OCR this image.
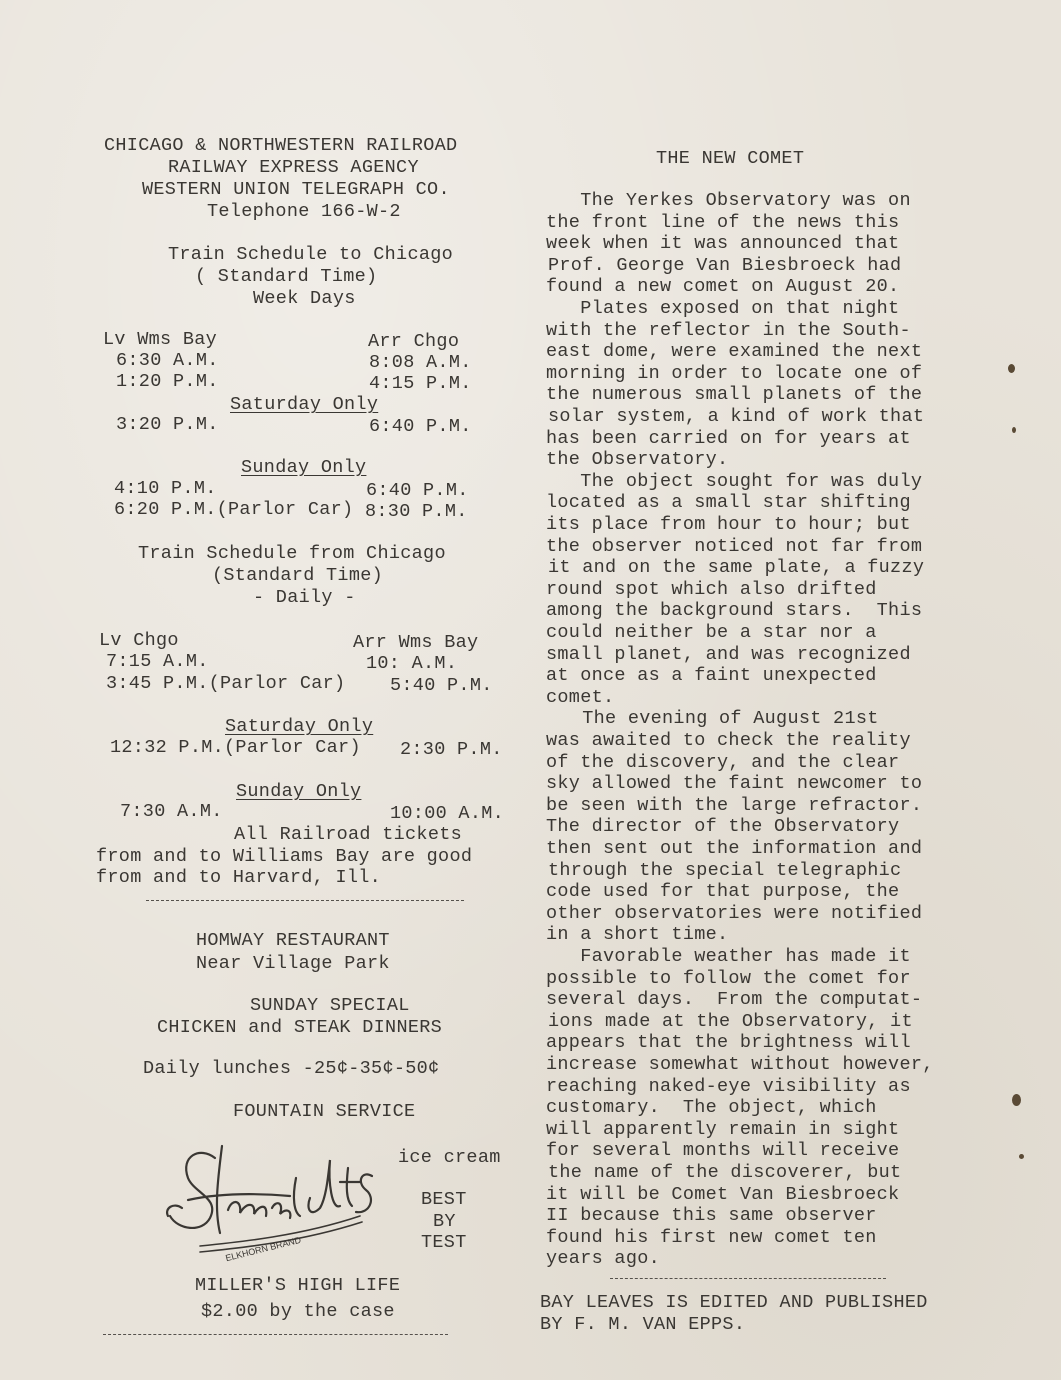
CHICAGO & NORTHWESTERN RAILROAD
RAILWAY EXPRESS AGENCY
WESTERN UNION TELEGRAPH CO.
Telephone 166-W-2
Train Schedule to Chicago
( Standard Time)
Week Days
Lv Wms Bay	Arr Chgo
6:30 A.M.	8:08 A.M.
1:20 P.M.	4:15 P.M.
Saturday Only
3:20 P.M.	6:40 P.M.
Sunday Only
4:10 P.M.	6:40 P.M.
6:20 P.M.(Parlor Car) 8:30 P.M.
Train Schedule from Chicago
(Standard Time)
- Daily -
Lv Chgo	Arr Wms Bay
7:15 A.M.	10: A.M.
3:45 P.M.(Parlor Car) 5:40 P.M.
Saturday Only
12:32 P.M.(Parlor Car) 2:30 P.M.
Sunday Only
7:30 A.M.	10:00 A.M.
All Railroad tickets
from and to Williams Bay are good
from and to Harvard, Ill.
HOMWAY RESTAURANT
Near Village Park
SUNDAY SPECIAL
CHICKEN and STEAK DINNERS
Daily lunches -25¢-35¢-50¢
FOUNTAIN SERVICE
ELKHORN BRAND
Schmidts
ice cream
BEST
BY
TEST
MILLER'S HIGH LIFE
$2.00 by the case
THE NEW COMET
The Yerkes Observatory was on
the front line of the news this
week when it was announced that
Prof. George Van Biesbroeck had
found a new comet on August 20.
Plates exposed on that night
with the reflector in the South-
east dome, were examined the next
morning in order to locate one of
the numerous small planets of the
solar system, a kind of work that
has been carried on for years at
the Observatory.
The object sought for was duly
located as a small star shifting
its place from hour to hour; but
the observer noticed not far from
it and on the same plate, a fuzzy
round spot which also drifted
among the background stars.  This
could neither be a star nor a
small planet, and was recognized
at once as a faint unexpected
comet.
The evening of August 21st
was awaited to check the reality
of the discovery, and the clear
sky allowed the faint newcomer to
be seen with the large refractor.
The director of the Observatory
then sent out the information and
through the special telegraphic
code used for that purpose, the
other observatories were notified
in a short time.
Favorable weather has made it
possible to follow the comet for
several days.  From the computat-
ions made at the Observatory, it
appears that the brightness will
increase somewhat without however,
reaching naked-eye visibility as
customary.  The object, which
will apparently remain in sight
for several months will receive
the name of the discoverer, but
it will be Comet Van Biesbroeck
II because this same observer
found his first new comet ten
years ago.
BAY LEAVES IS EDITED AND PUBLISHED
BY F. M. VAN EPPS.
